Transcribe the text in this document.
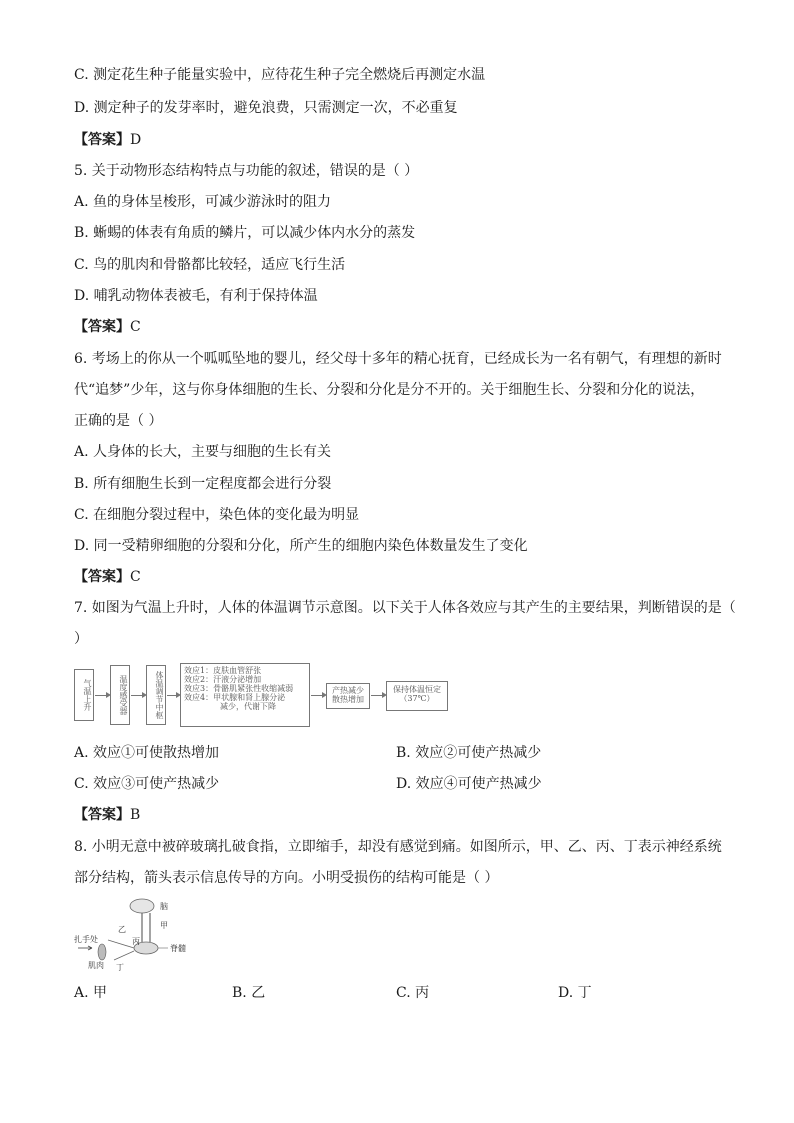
C. 测定花生种子能量实验中，应待花生种子完全燃烧后再测定水温
D. 测定种子的发芽率时，避免浪费，只需测定一次，不必重复
【答案】D
5. 关于动物形态结构特点与功能的叙述，错误的是（ ）
A. 鱼的身体呈梭形，可减少游泳时的阻力
B. 蜥蜴的体表有角质的鳞片，可以减少体内水分的蒸发
C. 鸟的肌肉和骨骼都比较轻，适应飞行生活
D. 哺乳动物体表被毛，有利于保持体温
【答案】C
6. 考场上的你从一个呱呱坠地的婴儿，经父母十多年的精心抚育，已经成长为一名有朝气，有理想的新时
代“追梦”少年，这与你身体细胞的生长、分裂和分化是分不开的。关于细胞生长、分裂和分化的说法，
正确的是（ ）
A. 人身体的长大，主要与细胞的生长有关
B. 所有细胞生长到一定程度都会进行分裂
C. 在细胞分裂过程中，染色体的变化最为明显
D. 同一受精卵细胞的分裂和分化，所产生的细胞内染色体数量发生了变化
【答案】C
7. 如图为气温上升时，人体的体温调节示意图。以下关于人体各效应与其产生的主要结果，判断错误的是（
）
气温上升	温度感受器	体温调节中枢
效应1：皮肤血管舒张
效应2：汗液分泌增加
效应3：骨骼肌紧张性收缩减弱
效应4：甲状腺和肾上腺分泌
减少，代谢下降
产热减少 散热增加
保持体温恒定
（37℃）
A. 效应①可使散热增加	B. 效应②可使产热减少
C. 效应③可使产热减少	D. 效应④可使产热减少
【答案】B
8. 小明无意中被碎玻璃扎破食指，立即缩手，却没有感觉到痛。如图所示，甲、乙、丙、丁表示神经系统
部分结构，箭头表示信息传导的方向。小明受损伤的结构可能是（ ）
脑
甲
乙
丙
脊髓
扎手处
肌肉 丁
A. 甲	B. 乙	C. 丙	D. 丁
